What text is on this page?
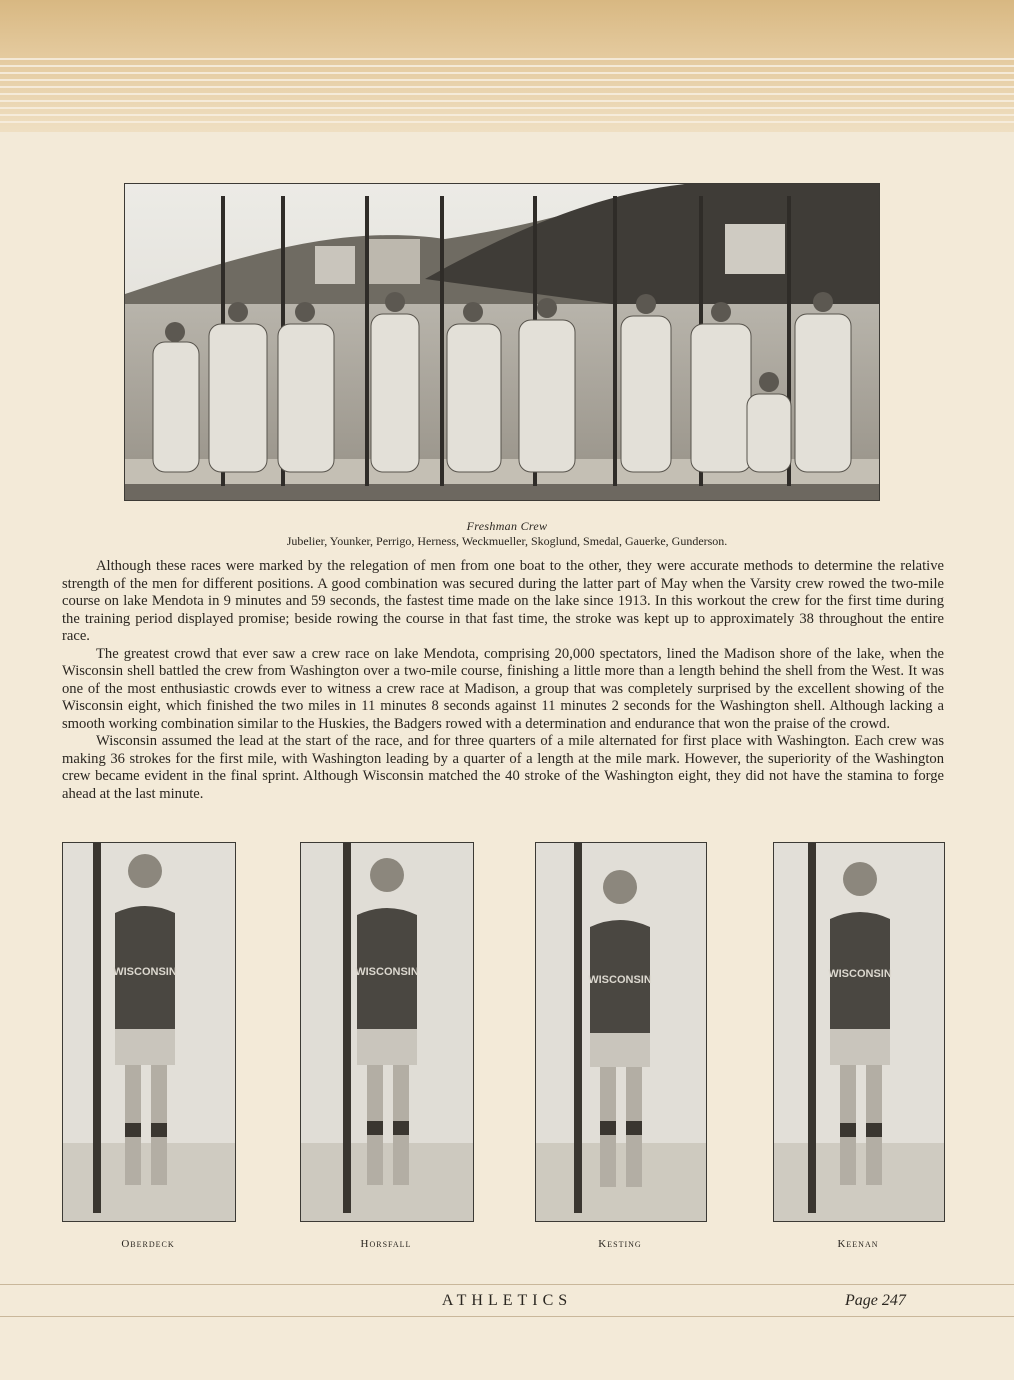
Freshman Crew
Jubelier, Younker, Perrigo, Herness, Weckmueller, Skoglund, Smedal, Gauerke, Gunderson.

Although these races were marked by the relegation of men from one boat to the other, they were accurate methods to determine the relative strength of the men for different positions. A good combination was secured during the latter part of May when the Varsity crew rowed the two-mile course on lake Mendota in 9 minutes and 59 seconds, the fastest time made on the lake since 1913. In this workout the crew for the first time during the training period displayed promise; beside rowing the course in that fast time, the stroke was kept up to approximately 38 throughout the entire race.

The greatest crowd that ever saw a crew race on lake Mendota, comprising 20,000 spectators, lined the Madison shore of the lake, when the Wisconsin shell battled the crew from Washington over a two-mile course, finishing a little more than a length behind the shell from the West. It was one of the most enthusiastic crowds ever to witness a crew race at Madison, a group that was completely surprised by the excellent showing of the Wisconsin eight, which finished the two miles in 11 minutes 8 seconds against 11 minutes 2 seconds for the Washington shell. Although lacking a smooth working combination similar to the Huskies, the Badgers rowed with a determination and endurance that won the praise of the crowd.

Wisconsin assumed the lead at the start of the race, and for three quarters of a mile alternated for first place with Washington. Each crew was making 36 strokes for the first mile, with Washington leading by a quarter of a length at the mile mark. However, the superiority of the Washington crew became evident in the final sprint. Although Wisconsin matched the 40 stroke of the Washington eight, they did not have the stamina to forge ahead at the last minute.

WISCONSIN	WISCONSIN
WISCONSIN	WISCONSIN
Oberdeck	Horsfall	Kesting	Keenan
ATHLETICS	Page 247
